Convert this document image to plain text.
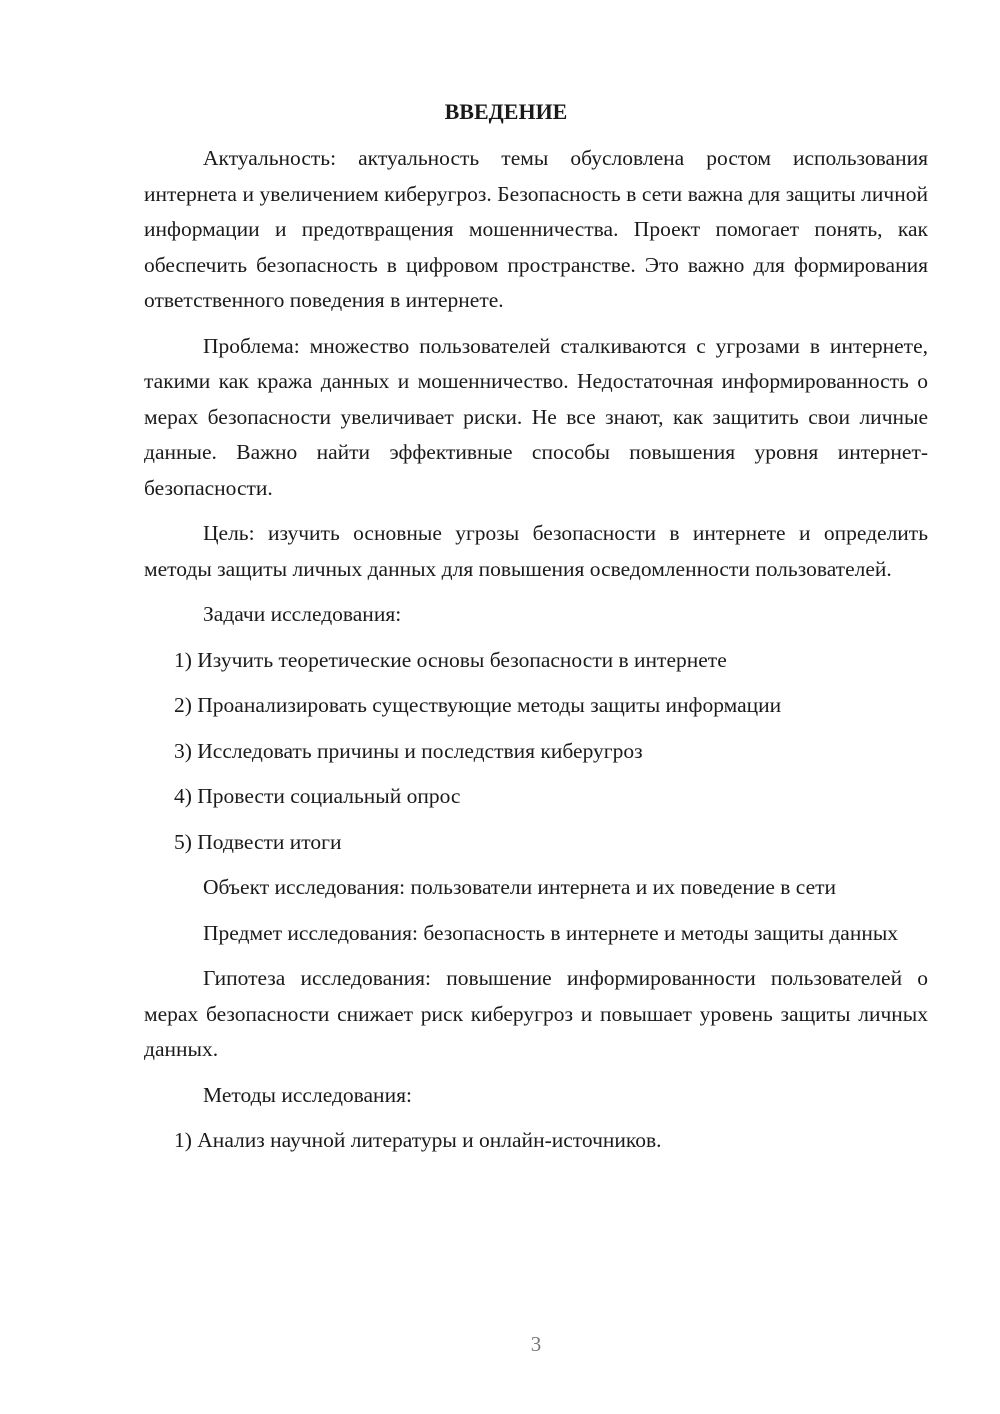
ВВЕДЕНИЕ

Актуальность: актуальность темы обусловлена ростом использования интернета и увеличением киберугроз. Безопасность в сети важна для защиты личной информации и предотвращения мошенничества. Проект помогает понять, как обеспечить безопасность в цифровом пространстве. Это важно для формирования ответственного поведения в интернете.

Проблема: множество пользователей сталкиваются с угрозами в интернете, такими как кража данных и мошенничество. Недостаточная информированность о мерах безопасности увеличивает риски. Не все знают, как защитить свои личные данные. Важно найти эффективные способы повышения уровня интернет-безопасности.

Цель: изучить основные угрозы безопасности в интернете и определить методы защиты личных данных для повышения осведомленности пользователей.

Задачи исследования:

1) Изучить теоретические основы безопасности в интернете
2) Проанализировать существующие методы защиты информации
3) Исследовать причины и последствия киберугроз
4) Провести социальный опрос
5) Подвести итоги

Объект исследования: пользователи интернета и их поведение в сети

Предмет исследования: безопасность в интернете и методы защиты данных

Гипотеза исследования: повышение информированности пользователей о мерах безопасности снижает риск киберугроз и повышает уровень защиты личных данных.

Методы исследования:

1) Анализ научной литературы и онлайн-источников.
3
